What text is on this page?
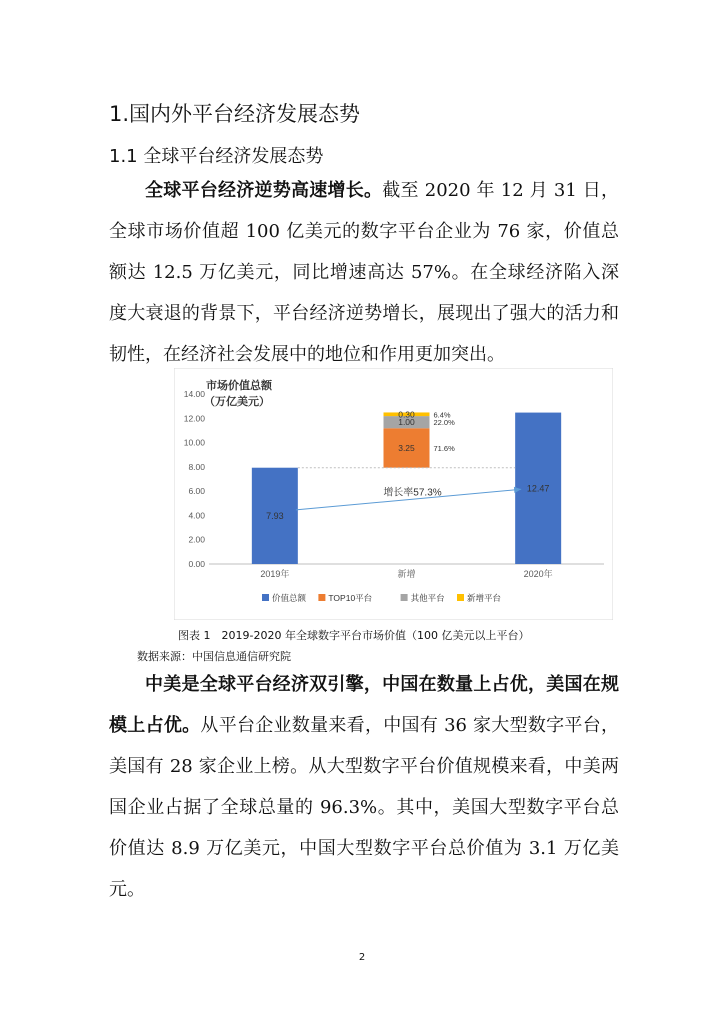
1.国内外平台经济发展态势
1.1 全球平台经济发展态势
全球平台经济逆势高速增长。截至 2020 年 12 月 31 日，全球市场价值超 100 亿美元的数字平台企业为 76 家，价值总额达 12.5 万亿美元，同比增速高达 57%。在全球经济陷入深度大衰退的背景下，平台经济逆势增长，展现出了强大的活力和韧性，在经济社会发展中的地位和作用更加突出。
市场价值总额
（万亿美元）
0.00
2.00
4.00
6.00
8.00
10.00
12.00
14.00
2019年	新增	2020年
7.93
3.25 71.6%
1.00 22.0%
0.30 6.4%
12.47
增长率57.3%
价值总额	TOP10平台	其他平台	新增平台
图表 1　2019-2020 年全球数字平台市场价值（100 亿美元以上平台）
数据来源：中国信息通信研究院
中美是全球平台经济双引擎，中国在数量上占优，美国在规模上占优。从平台企业数量来看，中国有 36 家大型数字平台，美国有 28 家企业上榜。从大型数字平台价值规模来看，中美两国企业占据了全球总量的 96.3%。其中，美国大型数字平台总价值达 8.9 万亿美元，中国大型数字平台总价值为 3.1 万亿美元。
2
